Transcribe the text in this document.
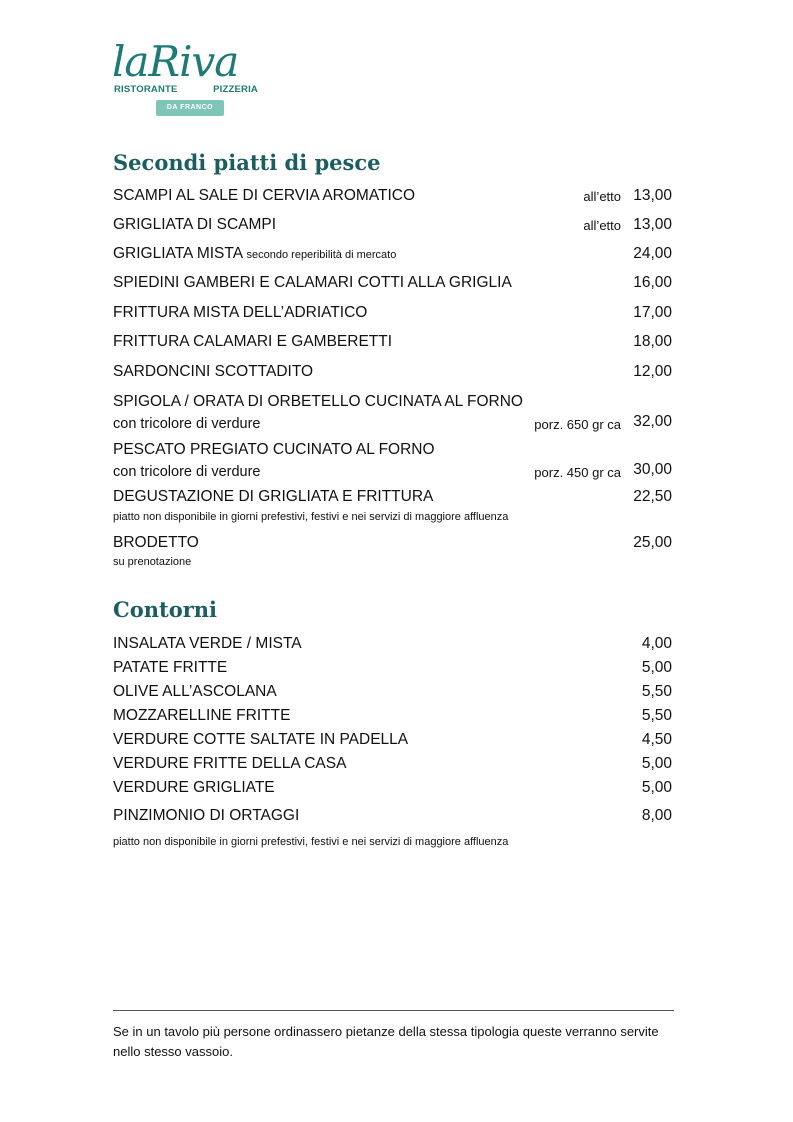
laRiva
RISTORANTE	PIZZERIA
DA FRANCO
Secondi piatti di pesce
SCAMPI AL SALE DI CERVIA AROMATICO	all’etto 13,00
GRIGLIATA DI SCAMPI	all’etto 13,00
GRIGLIATA MISTA secondo reperibilità di mercato	24,00
SPIEDINI GAMBERI E CALAMARI COTTI ALLA GRIGLIA	16,00
FRITTURA MISTA DELL’ADRIATICO	17,00
FRITTURA CALAMARI E GAMBERETTI	18,00
SARDONCINI SCOTTADITO	12,00
SPIGOLA / ORATA DI ORBETELLO CUCINATA AL FORNO
con tricolore di verdure	porz. 650 gr ca 32,00
PESCATO PREGIATO CUCINATO AL FORNO
con tricolore di verdure	porz. 450 gr ca 30,00
DEGUSTAZIONE DI GRIGLIATA E FRITTURA	22,50
piatto non disponibile in giorni prefestivi, festivi e nei servizi di maggiore affluenza
BRODETTO	25,00
su prenotazione
Contorni
INSALATA VERDE / MISTA	4,00
PATATE FRITTE	5,00
OLIVE ALL’ASCOLANA	5,50
MOZZARELLINE FRITTE	5,50
VERDURE COTTE SALTATE IN PADELLA	4,50
VERDURE FRITTE DELLA CASA	5,00
VERDURE GRIGLIATE	5,00
PINZIMONIO DI ORTAGGI	8,00
piatto non disponibile in giorni prefestivi, festivi e nei servizi di maggiore affluenza
Se in un tavolo più persone ordinassero pietanze della stessa tipologia queste verranno servite nello stesso vassoio.
